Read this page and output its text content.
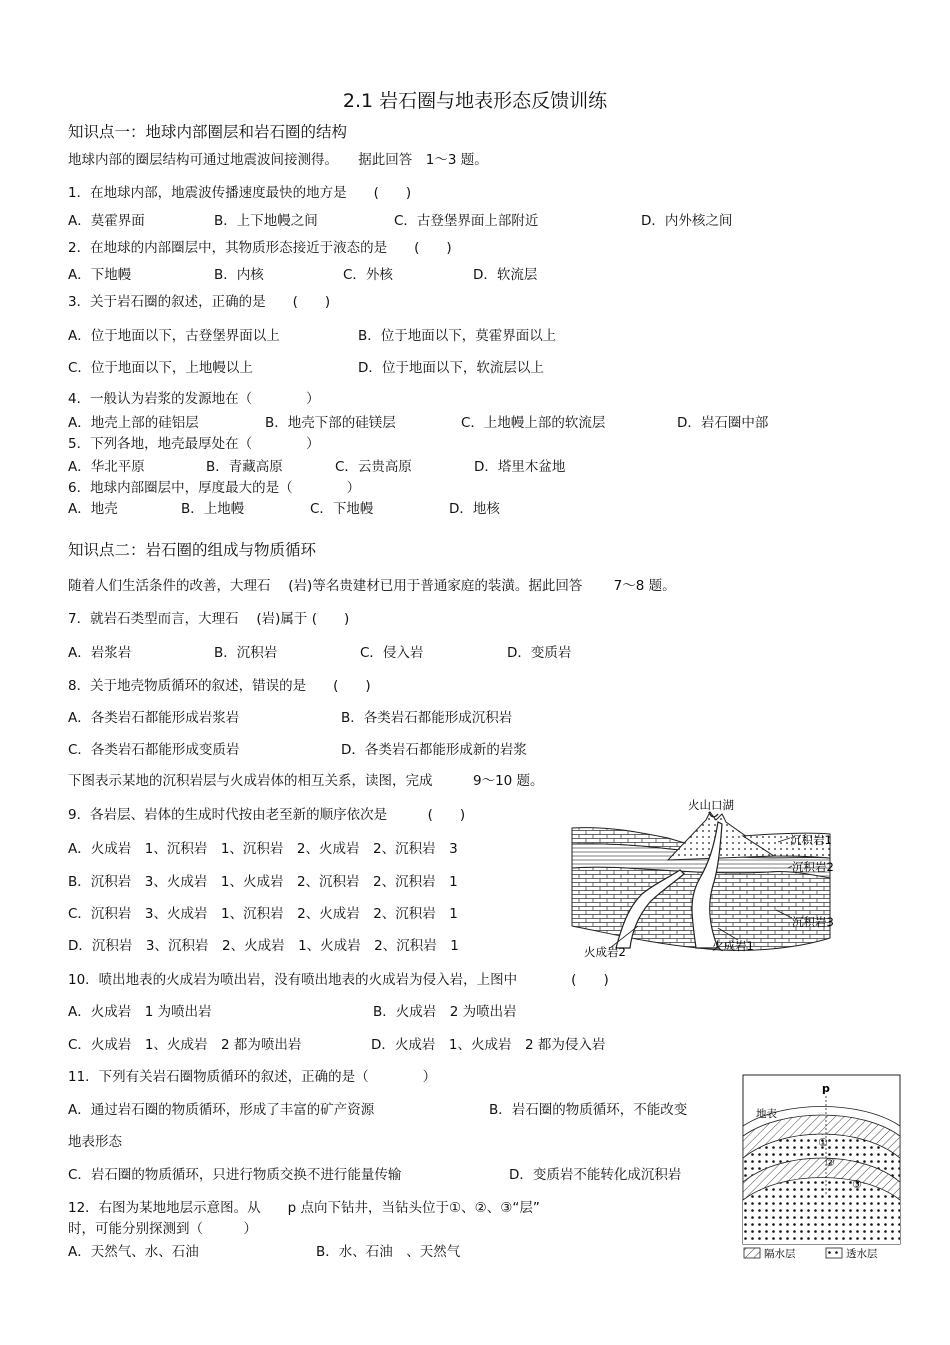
2.1 岩石圈与地表形态反馈训练
知识点一：地球内部圈层和岩石圈的结构
地球内部的圈层结构可通过地震波间接测得。　　据此回答　1～3 题。
1．在地球内部，地震波传播速度最快的地方是　　(　　)
A．莫霍界面	B．上下地幔之间	C．古登堡界面上部附近	D．内外核之间
2．在地球的内部圈层中，其物质形态接近于液态的是　　(　　)
A．下地幔	B．内核	C．外核	D．软流层
3．关于岩石圈的叙述，正确的是　　(　　)
A．位于地面以下，古登堡界面以上	B．位于地面以下，莫霍界面以上
C．位于地面以下，上地幔以上	D．位于地面以下，软流层以上
4．一般认为岩浆的发源地在（　　　　）
A．地壳上部的硅铝层	B．地壳下部的硅镁层	C．上地幔上部的软流层	D．岩石圈中部
5．下列各地，地壳最厚处在（　　　　）
A．华北平原	B．青藏高原	C．云贵高原	D．塔里木盆地
6．地球内部圈层中，厚度最大的是（　　　　）
A．地壳	B．上地幔	C．下地幔	D．地核
知识点二：岩石圈的组成与物质循环
随着人们生活条件的改善，大理石　 (岩)等名贵建材已用于普通家庭的装潢。据此回答　　 7～8 题。
7．就岩石类型而言，大理石　 (岩)属于 (　　)
A．岩浆岩	B．沉积岩	C．侵入岩	D．变质岩
8．关于地壳物质循环的叙述，错误的是　　(　　)
A．各类岩石都能形成岩浆岩	B．各类岩石都能形成沉积岩
C．各类岩石都能形成变质岩	D．各类岩石都能形成新的岩浆
下图表示某地的沉积岩层与火成岩体的相互关系，读图，完成　　　9～10 题。
9．各岩层、岩体的生成时代按由老至新的顺序依次是　　　(　　)
A．火成岩　1、沉积岩　1、沉积岩　2、火成岩　2、沉积岩　3
B．沉积岩　3、火成岩　1、火成岩　2、沉积岩　2、沉积岩　1
C．沉积岩　3、火成岩　1、沉积岩　2、火成岩　2、沉积岩　1
D．沉积岩　3、沉积岩　2、火成岩　1、火成岩　2、沉积岩　1
10．喷出地表的火成岩为喷出岩，没有喷出地表的火成岩为侵入岩，上图中　　　　(　　)
A．火成岩　1 为喷出岩	B．火成岩　2 为喷出岩
C．火成岩　1、火成岩　2 都为喷出岩	D．火成岩　1、火成岩　2 都为侵入岩
11．下列有关岩石圈物质循环的叙述，正确的是（　　　　）
A．通过岩石圈的物质循环，形成了丰富的矿产资源	B．岩石圈的物质循环，不能改变
地表形态
C．岩石圈的物质循环，只进行物质交换不进行能量传输	D．变质岩不能转化成沉积岩
12．右图为某地地层示意图。从　　p 点向下钻井，当钻头位于①、②、③“层”
时，可能分别探测到（　　　）
A．天然气、水、石油	B．水、石油　、天然气
火山口湖
沉积岩1
沉积岩2
沉积岩3
火成岩2	火成岩1
p
地表
①
②
③
隔水层	透水层
